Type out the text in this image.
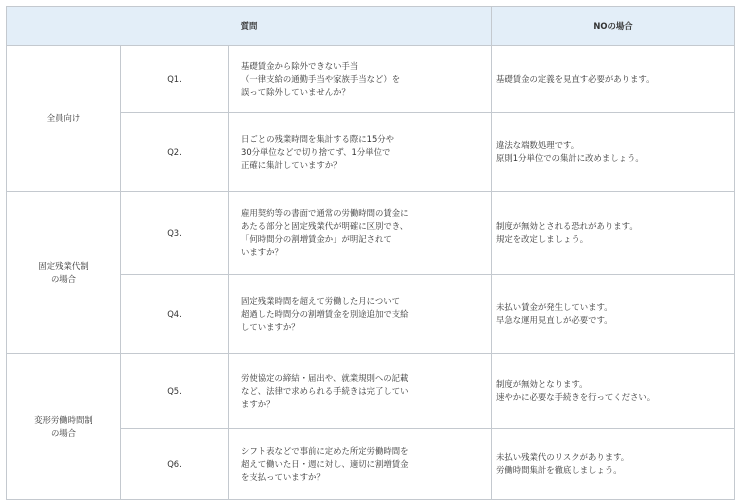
質問			NOの場合
全員向け	Q1.	基礎賃金から除外できない手当
（一律支給の通勤手当や家族手当など）を
誤って除外していませんか？	基礎賃金の定義を見直す必要があります。
	Q2.	日ごとの残業時間を集計する際に15分や
30分単位などで切り捨てず、1分単位で
正確に集計していますか？	違法な端数処理です。
原則1分単位での集計に改めましょう。
固定残業代制
の場合	Q3.	雇用契約等の書面で通常の労働時間の賃金に
あたる部分と固定残業代が明確に区別でき、
「何時間分の割増賃金か」が明記されて
いますか？	制度が無効とされる恐れがあります。
規定を改定しましょう。
	Q4.	固定残業時間を超えて労働した月について
超過した時間分の割増賃金を別途追加で支給
していますか？	未払い賃金が発生しています。
早急な運用見直しが必要です。
変形労働時間制
の場合	Q5.	労使協定の締結・届出や、就業規則への記載
など、法律で求められる手続きは完了してい
ますか？	制度が無効となります。
速やかに必要な手続きを行ってください。
	Q6.	シフト表などで事前に定めた所定労働時間を
超えて働いた日・週に対し、適切に割増賃金
を支払っていますか？	未払い残業代のリスクがあります。
労働時間集計を徹底しましょう。
